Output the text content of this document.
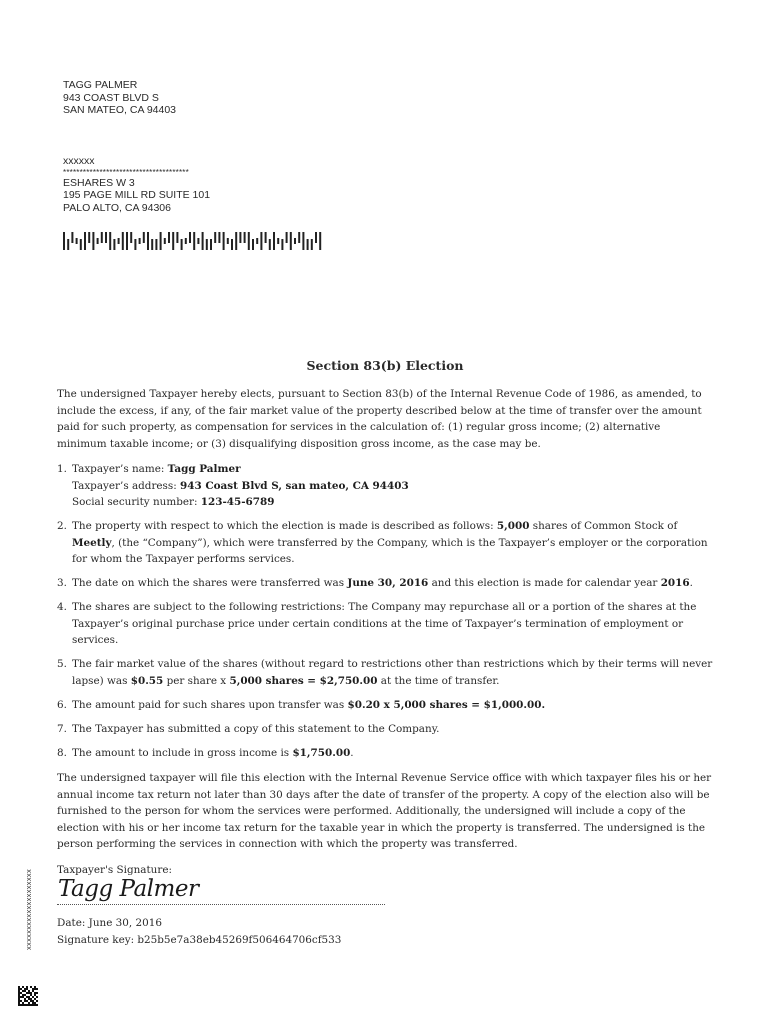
TAGG PALMER
943 COAST BLVD S
SAN MATEO, CA 94403
xxxxxx
**************************************
ESHARES W 3
195 PAGE MILL RD SUITE 101
PALO ALTO, CA 94306
Section 83(b) Election

The undersigned Taxpayer hereby elects, pursuant to Section 83(b) of the Internal Revenue Code of 1986, as amended, to include the excess, if any, of the fair market value of the property described below at the time of transfer over the amount paid for such property, as compensation for services in the calculation of: (1) regular gross income; (2) alternative minimum taxable income; or (3) disqualifying disposition gross income, as the case may be.

1. Taxpayer’s name: Tagg Palmer
Taxpayer’s address: 943 Coast Blvd S, san mateo, CA 94403
Social security number: 123-45-6789
2. The property with respect to which the election is made is described as follows: 5,000 shares of Common Stock of Meetly, (the “Company”), which were transferred by the Company, which is the Taxpayer’s employer or the corporation for whom the Taxpayer performs services.
3. The date on which the shares were transferred was June 30, 2016 and this election is made for calendar year 2016.
4. The shares are subject to the following restrictions: The Company may repurchase all or a portion of the shares at the Taxpayer’s original purchase price under certain conditions at the time of Taxpayer’s termination of employment or services.
5. The fair market value of the shares (without regard to restrictions other than restrictions which by their terms will never lapse) was $0.55 per share x 5,000 shares = $2,750.00 at the time of transfer.
6. The amount paid for such shares upon transfer was $0.20 x 5,000 shares = $1,000.00.
7. The Taxpayer has submitted a copy of this statement to the Company.
8. The amount to include in gross income is $1,750.00.

The undersigned taxpayer will file this election with the Internal Revenue Service office with which taxpayer files his or her annual income tax return not later than 30 days after the date of transfer of the property. A copy of the election also will be furnished to the person for whom the services were performed. Additionally, the undersigned will include a copy of the election with his or her income tax return for the taxable year in which the property is transferred. The undersigned is the person performing the services in connection with which the property was transferred.

Taxpayer's Signature:

Tagg Palmer
Date: June 30, 2016
Signature key: b25b5e7a38eb45269f506464706cf533
xxxxxxxxxxxxxxxxxxxx
